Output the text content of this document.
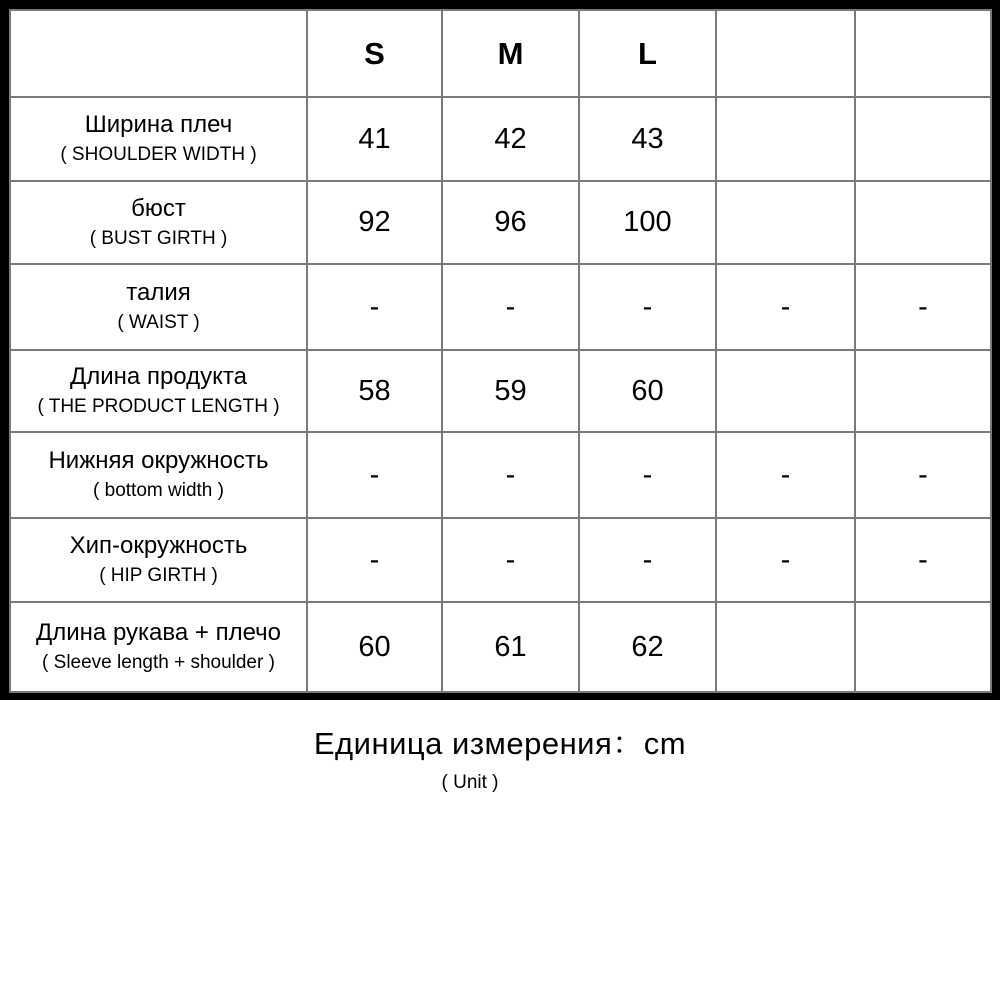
	S	M	L		

Ширина плеч
( SHOULDER WIDTH )	41	42	43		

бюст
( BUST GIRTH )	92	96	100		

талия
( WAIST )	-	-	-	-	-

Длина продукта
( THE PRODUCT LENGTH )	58	59	60		

Нижняя окружность
( bottom width )	-	-	-	-	-

Хип-окружность
( HIP GIRTH )	-	-	-	-	-

Длина рукава + плечо
( Sleeve length + shoulder )	60	61	62		
Единица измерения：cm
( Unit )
